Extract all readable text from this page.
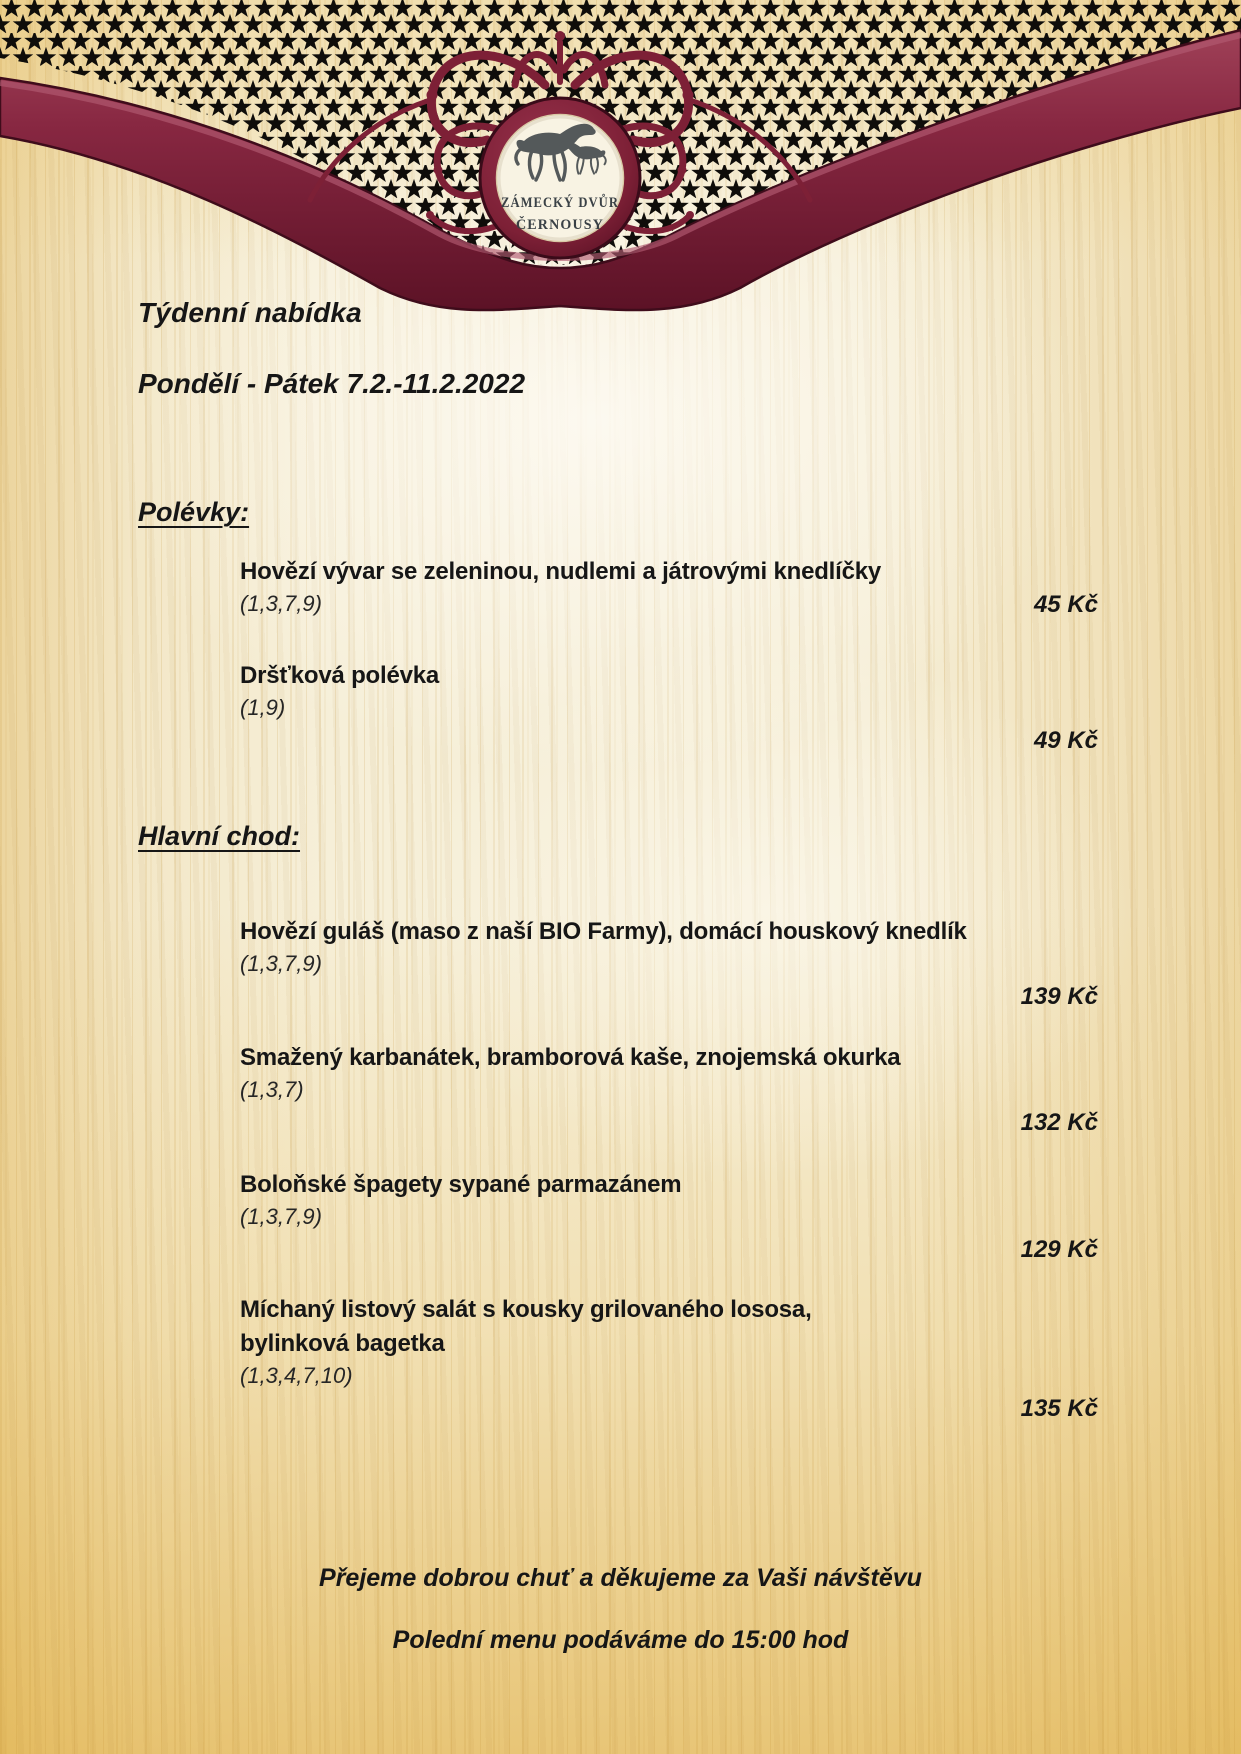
ZÁMECKÝ DVŮR
ČERNOUSY
Týdenní nabídka
Pondělí - Pátek 7.2.-11.2.2022
Polévky:
Hovězí vývar se zeleninou, nudlemi a játrovými knedlíčky
(1,3,7,9)	45 Kč
Dršťková polévka
(1,9)
49 Kč
Hlavní chod:
Hovězí guláš (maso z naší BIO Farmy), domácí houskový knedlík
(1,3,7,9)
139 Kč
Smažený karbanátek, bramborová kaše, znojemská okurka
(1,3,7)
132 Kč
Boloňské špagety sypané parmazánem
(1,3,7,9)
129 Kč
Míchaný listový salát s kousky grilovaného lososa,
bylinková bagetka
(1,3,4,7,10)
135 Kč
Přejeme dobrou chuť a děkujeme za Vaši návštěvu
Polední menu podáváme do 15:00 hod
